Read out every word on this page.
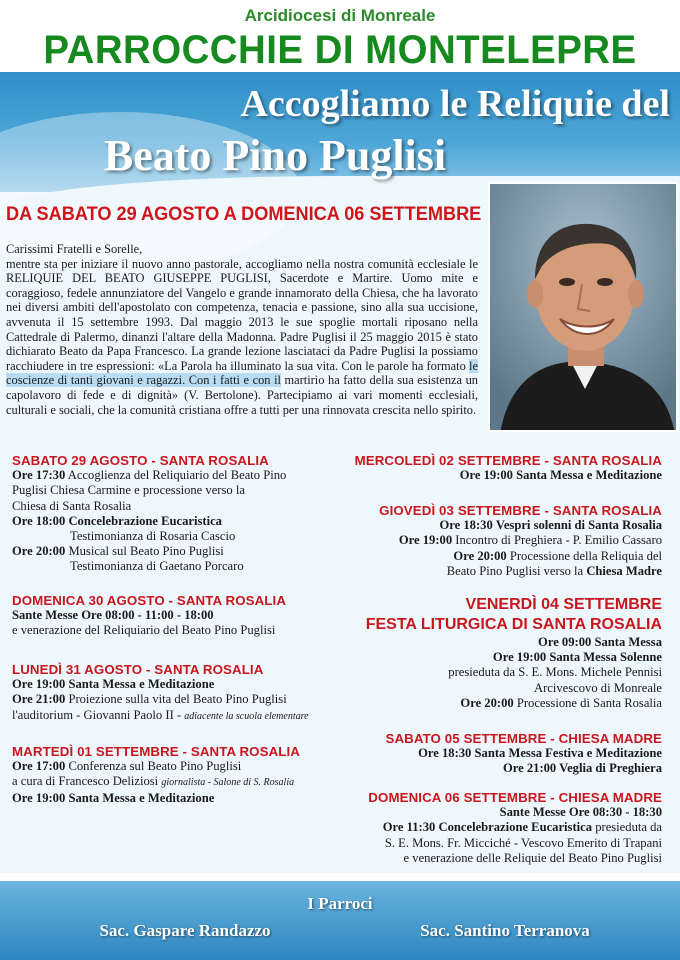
Arcidiocesi di Monreale
PARROCCHIE DI MONTELEPRE
Accogliamo le Reliquie del
Beato Pino Puglisi
DA SABATO 29 AGOSTO A DOMENICA 06 SETTEMBRE

Carissimi Fratelli e Sorelle,

mentre sta per iniziare il nuovo anno pastorale, accogliamo nella nostra comunità ecclesiale le RELIQUIE DEL BEATO GIUSEPPE PUGLISI, Sacerdote e Martire. Uomo mite e coraggioso, fedele annunziatore del Vangelo e grande innamorato della Chiesa, che ha lavorato nei diversi ambiti dell'apostolato con competenza, tenacia e passione, sino alla sua uccisione, avvenuta il 15 settembre 1993. Dal maggio 2013 le sue spoglie mortali riposano nella Cattedrale di Palermo, dinanzi l'altare della Madonna. Padre Puglisi il 25 maggio 2015 è stato dichiarato Beato da Papa Francesco. La grande lezione lasciataci da Padre Puglisi la possiamo racchiudere in tre espressioni: «La Parola ha illuminato la sua vita. Con le parole ha formato le coscienze di tanti giovani e ragazzi. Con i fatti e con il martirio ha fatto della sua esistenza un capolavoro di fede e di dignità» (V. Bertolone). Partecipiamo ai vari momenti ecclesiali, culturali e sociali, che la comunità cristiana offre a tutti per una rinnovata crescita nello spirito.

SABATO 29 AGOSTO - SANTA ROSALIA
Ore 17:30 Accoglienza del Reliquiario del Beato Pino
Puglisi Chiesa Carmine e processione verso la
Chiesa di Santa Rosalia
Ore 18:00 Concelebrazione Eucaristica
Testimonianza di Rosaria Cascio
Ore 20:00 Musical sul Beato Pino Puglisi
Testimonianza di Gaetano Porcaro
DOMENICA 30 AGOSTO - SANTA ROSALIA
Sante Messe Ore 08:00 - 11:00 - 18:00
e venerazione del Reliquiario del Beato Pino Puglisi
LUNEDÌ 31 AGOSTO - SANTA ROSALIA
Ore 19:00 Santa Messa e Meditazione
Ore 21:00 Proiezione sulla vita del Beato Pino Puglisi
l'auditorium - Giovanni Paolo II - adiacente la scuola elementare
MARTEDÌ 01 SETTEMBRE - SANTA ROSALIA
Ore 17:00 Conferenza sul Beato Pino Puglisi
a cura di Francesco Deliziosi giornalista - Salone di S. Rosalia
Ore 19:00 Santa Messa e Meditazione
MERCOLEDÌ 02 SETTEMBRE - SANTA ROSALIA
Ore 19:00 Santa Messa e Meditazione
GIOVEDÌ 03 SETTEMBRE - SANTA ROSALIA
Ore 18:30 Vespri solenni di Santa Rosalia
Ore 19:00 Incontro di Preghiera - P. Emilio Cassaro
Ore 20:00 Processione della Reliquia del
Beato Pino Puglisi verso la Chiesa Madre
VENERDÌ 04 SETTEMBRE
FESTA LITURGICA DI SANTA ROSALIA
Ore 09:00 Santa Messa
Ore 19:00 Santa Messa Solenne
presieduta da S. E. Mons. Michele Pennisi
Arcivescovo di Monreale
Ore 20:00 Processione di Santa Rosalia
SABATO 05 SETTEMBRE - CHIESA MADRE
Ore 18:30 Santa Messa Festiva e Meditazione
Ore 21:00 Veglia di Preghiera
DOMENICA 06 SETTEMBRE - CHIESA MADRE
Sante Messe Ore 08:30 - 18:30
Ore 11:30 Concelebrazione Eucaristica presieduta da
S. E. Mons. Fr. Micciché - Vescovo Emerito di Trapani
e venerazione delle Reliquie del Beato Pino Puglisi
I Parroci
Sac. Gaspare Randazzo	Sac. Santino Terranova
